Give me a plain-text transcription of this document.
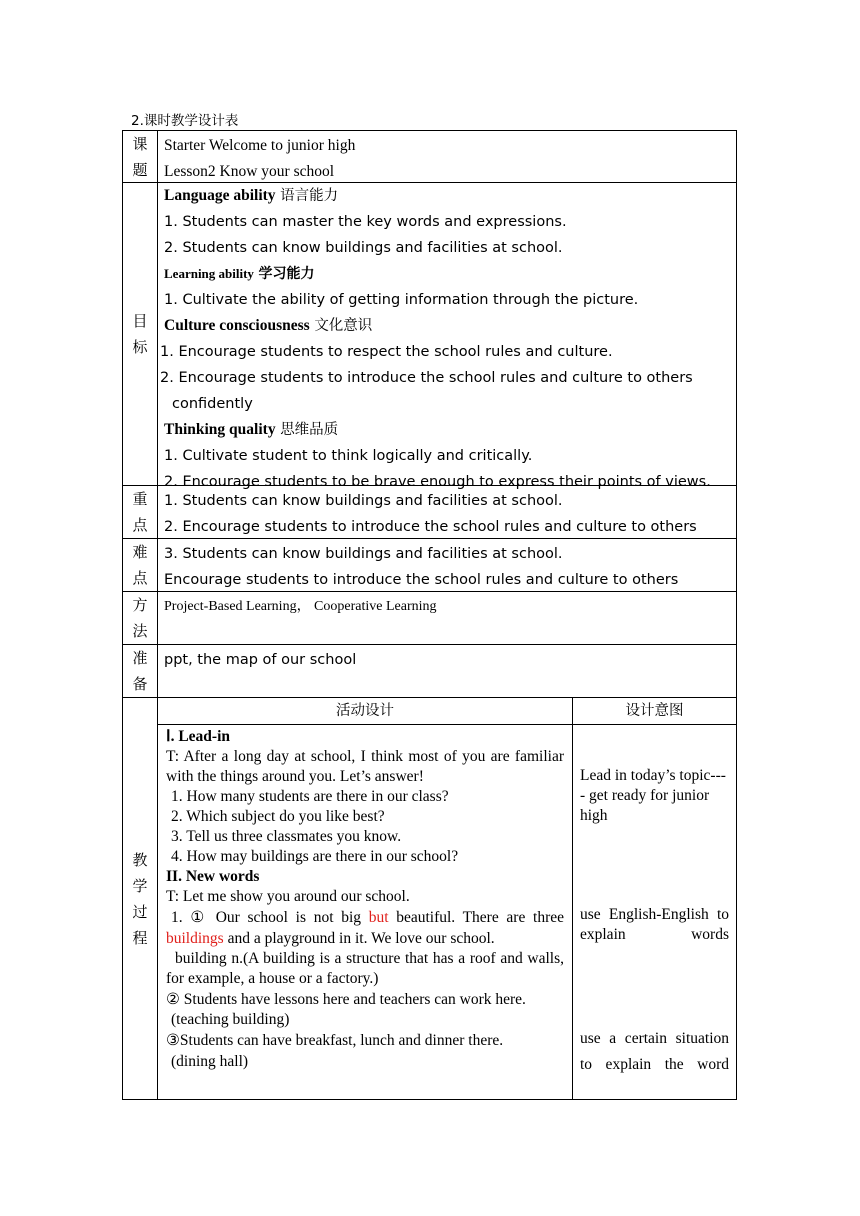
2.课时教学设计表
课
题
Starter Welcome to junior high
Lesson2 Know your school
目
标
Language ability 语言能力
1. Students can master the key words and expressions.
2. Students can know buildings and facilities at school.
Learning ability 学习能力
1. Cultivate the ability of getting information through the picture.
Culture consciousness 文化意识
1. Encourage students to respect the school rules and culture.
2. Encourage students to introduce the school rules and culture to others
confidently
Thinking quality 思维品质
1. Cultivate student to think logically and critically.
2. Encourage students to be brave enough to express their points of views.
重
点
1. Students can know buildings and facilities at school.
2. Encourage students to introduce the school rules and culture to others
难
点
3. Students can know buildings and facilities at school.
Encourage students to introduce the school rules and culture to others
方
法
Project-Based Learning， Cooperative Learning
准
备
ppt, the map of our school
教
学
过
程
活动设计	设计意图

Ⅰ. Lead-in

T: After a long day at school, I think most of you are familiar with the things around you. Let’s answer!

1. How many students are there in our class?

2. Which subject do you like best?

3. Tell us three classmates you know.

4. How may buildings are there in our school?

II. New words

T: Let me show you around our school.

1. ① Our school is not big but beautiful. There are three buildings and a playground in it. We love our school.

building n.(A building is a structure that has a roof and walls, for example, a house or a factory.)

② Students have lessons here and teachers can work here.

(teaching building)

③Students can have breakfast, lunch and dinner there.

(dining hall)

Lead in today’s topic---- get ready for junior high

use English-English to explain words

use a certain situation to explain the word
